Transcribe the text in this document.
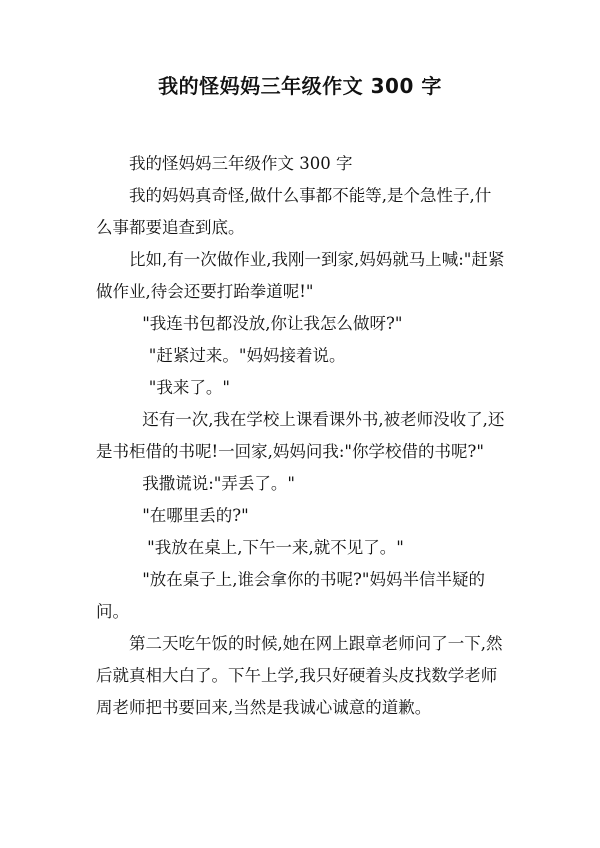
我的怪妈妈三年级作文 300 字

我的怪妈妈三年级作文 300 字

我的妈妈真奇怪,做什么事都不能等,是个急性子,什么事都要追查到底。

比如,有一次做作业,我刚一到家,妈妈就马上喊:"赶紧做作业,待会还要打跆拳道呢!"

"我连书包都没放,你让我怎么做呀?"

"赶紧过来。"妈妈接着说。

"我来了。"

还有一次,我在学校上课看课外书,被老师没收了,还是书柜借的书呢!一回家,妈妈问我:"你学校借的书呢?"

我撒谎说:"弄丢了。"

"在哪里丢的?"

"我放在桌上,下午一来,就不见了。"

"放在桌子上,谁会拿你的书呢?"妈妈半信半疑的问。

第二天吃午饭的时候,她在网上跟章老师问了一下,然后就真相大白了。下午上学,我只好硬着头皮找数学老师周老师把书要回来,当然是我诚心诚意的道歉。
